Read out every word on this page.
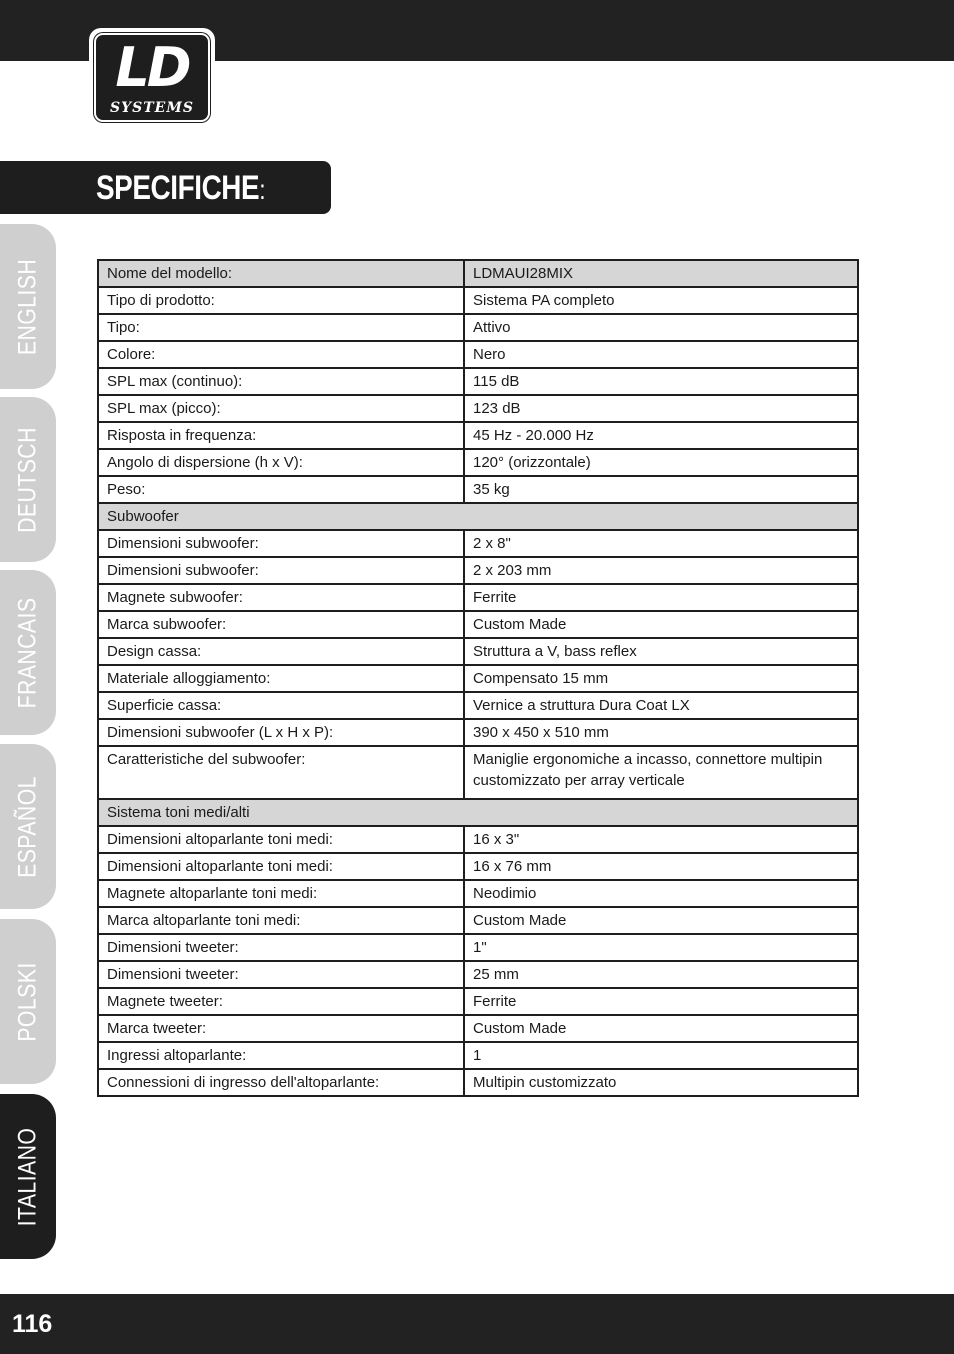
LD
SYSTEMS
SPECIFICHE:
ENGLISH
DEUTSCH
FRANCAIS
ESPAÑOL
POLSKI
ITALIANO
Nome del modello:	LDMAUI28MIX
Tipo di prodotto:	Sistema PA completo
Tipo:	Attivo
Colore:	Nero
SPL max (continuo):	115 dB
SPL max (picco):	123 dB
Risposta in frequenza:	45 Hz - 20.000 Hz
Angolo di dispersione (h x V):	120° (orizzontale)
Peso:	35 kg
Subwoofer	
Dimensioni subwoofer:	2 x 8"
Dimensioni subwoofer:	2 x 203 mm
Magnete subwoofer:	Ferrite
Marca subwoofer:	Custom Made
Design cassa:	Struttura a V, bass reflex
Materiale alloggiamento:	Compensato 15 mm
Superficie cassa:	Vernice a struttura Dura Coat LX
Dimensioni subwoofer (L x H x P):	390 x 450 x 510 mm
Caratteristiche del subwoofer:	Maniglie ergonomiche a incasso, connettore multipin
customizzato per array verticale
Sistema toni medi/alti	
Dimensioni altoparlante toni medi:	16 x 3"
Dimensioni altoparlante toni medi:	16 x 76 mm
Magnete altoparlante toni medi:	Neodimio
Marca altoparlante toni medi:	Custom Made
Dimensioni tweeter:	1"
Dimensioni tweeter:	25 mm
Magnete tweeter:	Ferrite
Marca tweeter:	Custom Made
Ingressi altoparlante:	1
Connessioni di ingresso dell'altoparlante:	Multipin customizzato
116
